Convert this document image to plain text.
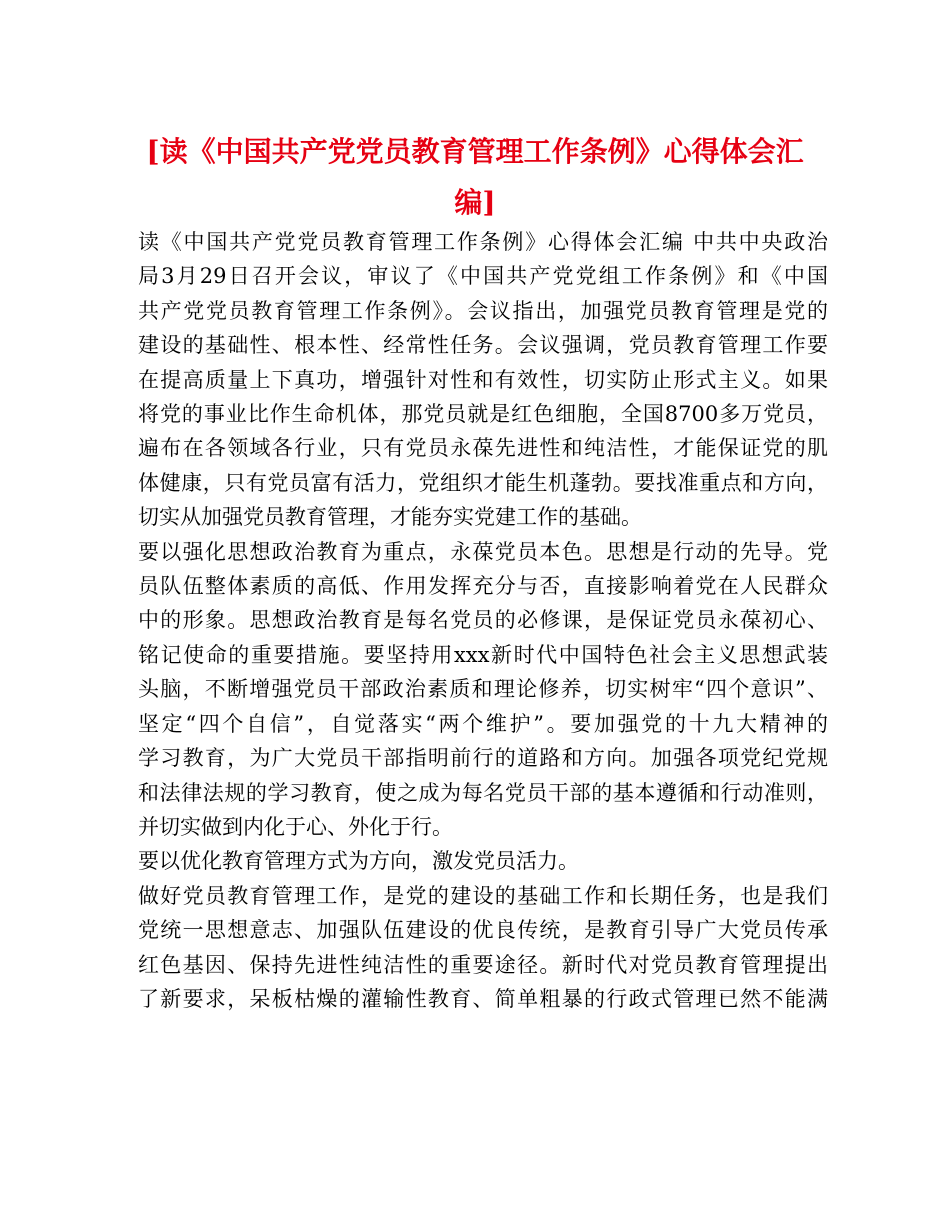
[读《中国共产党党员教育管理工作条例》心得体会汇
编]
读《中国共产党党员教育管理工作条例》心得体会汇编 中共中央政治
局3月29日召开会议，审议了《中国共产党党组工作条例》和《中国
共产党党员教育管理工作条例》。会议指出，加强党员教育管理是党的
建设的基础性、根本性、经常性任务。会议强调，党员教育管理工作要
在提高质量上下真功，增强针对性和有效性，切实防止形式主义。如果
将党的事业比作生命机体，那党员就是红色细胞，全国8700多万党员，
遍布在各领域各行业，只有党员永葆先进性和纯洁性，才能保证党的肌
体健康，只有党员富有活力，党组织才能生机蓬勃。要找准重点和方向，
切实从加强党员教育管理，才能夯实党建工作的基础。
要以强化思想政治教育为重点，永葆党员本色。思想是行动的先导。党
员队伍整体素质的高低、作用发挥充分与否，直接影响着党在人民群众
中的形象。思想政治教育是每名党员的必修课，是保证党员永葆初心、
铭记使命的重要措施。要坚持用xxx新时代中国特色社会主义思想武装
头脑，不断增强党员干部政治素质和理论修养，切实树牢“四个意识”、
坚定“四个自信”，自觉落实“两个维护”。要加强党的十九大精神的
学习教育，为广大党员干部指明前行的道路和方向。加强各项党纪党规
和法律法规的学习教育，使之成为每名党员干部的基本遵循和行动准则，
并切实做到内化于心、外化于行。
要以优化教育管理方式为方向，激发党员活力。
做好党员教育管理工作，是党的建设的基础工作和长期任务，也是我们
党统一思想意志、加强队伍建设的优良传统，是教育引导广大党员传承
红色基因、保持先进性纯洁性的重要途径。新时代对党员教育管理提出
了新要求，呆板枯燥的灌输性教育、简单粗暴的行政式管理已然不能满
